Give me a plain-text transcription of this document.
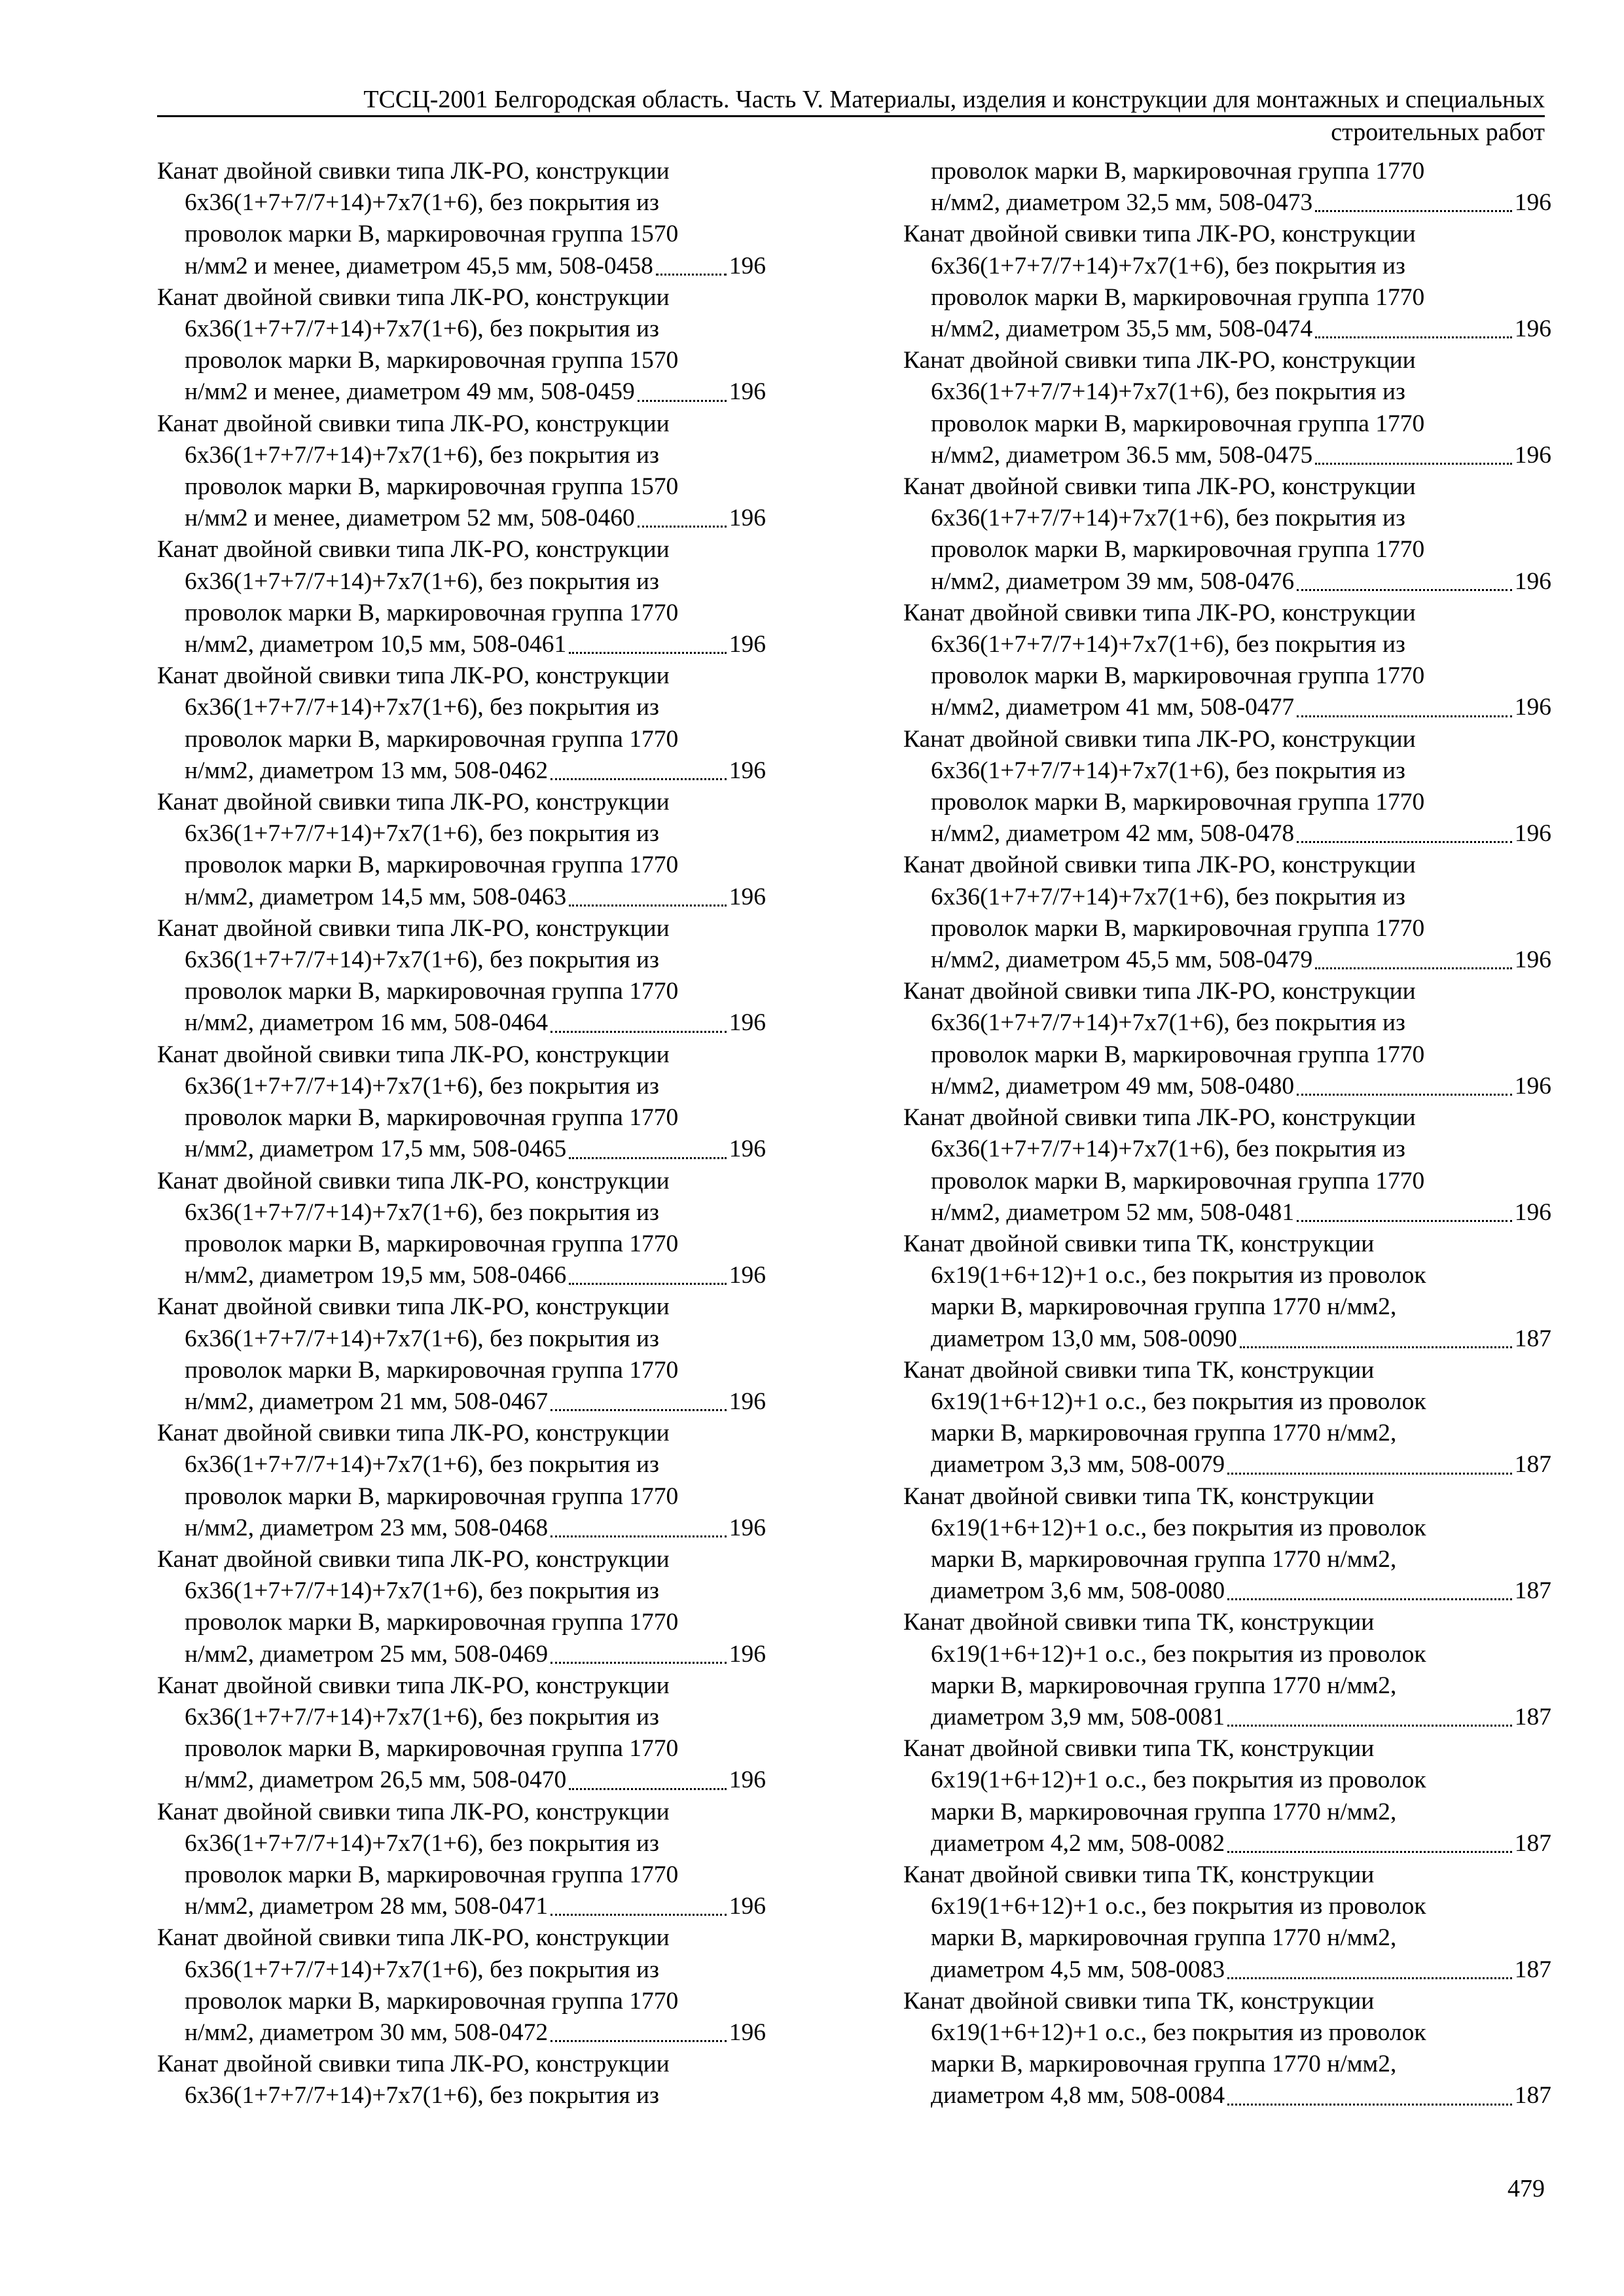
ТССЦ-2001 Белгородская область. Часть V. Материалы, изделия и конструкции для монтажных и специальных
строительных работ
Канат двойной свивки типа ЛК-РО, конструкции
6х36(1+7+7/7+14)+7х7(1+6), без покрытия из
проволок марки В, маркировочная группа 1570
н/мм2 и менее, диаметром 45,5 мм, 508-0458	196
Канат двойной свивки типа ЛК-РО, конструкции
6х36(1+7+7/7+14)+7х7(1+6), без покрытия из
проволок марки В, маркировочная группа 1570
н/мм2 и менее, диаметром 49 мм, 508-0459	196
Канат двойной свивки типа ЛК-РО, конструкции
6х36(1+7+7/7+14)+7х7(1+6), без покрытия из
проволок марки В, маркировочная группа 1570
н/мм2 и менее, диаметром 52 мм, 508-0460	196
Канат двойной свивки типа ЛК-РО, конструкции
6х36(1+7+7/7+14)+7х7(1+6), без покрытия из
проволок марки В, маркировочная группа 1770
н/мм2, диаметром 10,5 мм, 508-0461	196
Канат двойной свивки типа ЛК-РО, конструкции
6х36(1+7+7/7+14)+7х7(1+6), без покрытия из
проволок марки В, маркировочная группа 1770
н/мм2, диаметром 13 мм, 508-0462	196
Канат двойной свивки типа ЛК-РО, конструкции
6х36(1+7+7/7+14)+7х7(1+6), без покрытия из
проволок марки В, маркировочная группа 1770
н/мм2, диаметром 14,5 мм, 508-0463	196
Канат двойной свивки типа ЛК-РО, конструкции
6х36(1+7+7/7+14)+7х7(1+6), без покрытия из
проволок марки В, маркировочная группа 1770
н/мм2, диаметром 16 мм, 508-0464	196
Канат двойной свивки типа ЛК-РО, конструкции
6х36(1+7+7/7+14)+7х7(1+6), без покрытия из
проволок марки В, маркировочная группа 1770
н/мм2, диаметром 17,5 мм, 508-0465	196
Канат двойной свивки типа ЛК-РО, конструкции
6х36(1+7+7/7+14)+7х7(1+6), без покрытия из
проволок марки В, маркировочная группа 1770
н/мм2, диаметром 19,5 мм, 508-0466	196
Канат двойной свивки типа ЛК-РО, конструкции
6х36(1+7+7/7+14)+7х7(1+6), без покрытия из
проволок марки В, маркировочная группа 1770
н/мм2, диаметром 21 мм, 508-0467	196
Канат двойной свивки типа ЛК-РО, конструкции
6х36(1+7+7/7+14)+7х7(1+6), без покрытия из
проволок марки В, маркировочная группа 1770
н/мм2, диаметром 23 мм, 508-0468	196
Канат двойной свивки типа ЛК-РО, конструкции
6х36(1+7+7/7+14)+7х7(1+6), без покрытия из
проволок марки В, маркировочная группа 1770
н/мм2, диаметром 25 мм, 508-0469	196
Канат двойной свивки типа ЛК-РО, конструкции
6х36(1+7+7/7+14)+7х7(1+6), без покрытия из
проволок марки В, маркировочная группа 1770
н/мм2, диаметром 26,5 мм, 508-0470	196
Канат двойной свивки типа ЛК-РО, конструкции
6х36(1+7+7/7+14)+7х7(1+6), без покрытия из
проволок марки В, маркировочная группа 1770
н/мм2, диаметром 28 мм, 508-0471	196
Канат двойной свивки типа ЛК-РО, конструкции
6х36(1+7+7/7+14)+7х7(1+6), без покрытия из
проволок марки В, маркировочная группа 1770
н/мм2, диаметром 30 мм, 508-0472	196
Канат двойной свивки типа ЛК-РО, конструкции
6х36(1+7+7/7+14)+7х7(1+6), без покрытия из
проволок марки В, маркировочная группа 1770
н/мм2, диаметром 32,5 мм, 508-0473	196
Канат двойной свивки типа ЛК-РО, конструкции
6х36(1+7+7/7+14)+7х7(1+6), без покрытия из
проволок марки В, маркировочная группа 1770
н/мм2, диаметром 35,5 мм, 508-0474	196
Канат двойной свивки типа ЛК-РО, конструкции
6х36(1+7+7/7+14)+7х7(1+6), без покрытия из
проволок марки В, маркировочная группа 1770
н/мм2, диаметром 36.5 мм, 508-0475	196
Канат двойной свивки типа ЛК-РО, конструкции
6х36(1+7+7/7+14)+7х7(1+6), без покрытия из
проволок марки В, маркировочная группа 1770
н/мм2, диаметром 39 мм, 508-0476	196
Канат двойной свивки типа ЛК-РО, конструкции
6х36(1+7+7/7+14)+7х7(1+6), без покрытия из
проволок марки В, маркировочная группа 1770
н/мм2, диаметром 41 мм, 508-0477	196
Канат двойной свивки типа ЛК-РО, конструкции
6х36(1+7+7/7+14)+7х7(1+6), без покрытия из
проволок марки В, маркировочная группа 1770
н/мм2, диаметром 42 мм, 508-0478	196
Канат двойной свивки типа ЛК-РО, конструкции
6х36(1+7+7/7+14)+7х7(1+6), без покрытия из
проволок марки В, маркировочная группа 1770
н/мм2, диаметром 45,5 мм, 508-0479	196
Канат двойной свивки типа ЛК-РО, конструкции
6х36(1+7+7/7+14)+7х7(1+6), без покрытия из
проволок марки В, маркировочная группа 1770
н/мм2, диаметром 49 мм, 508-0480	196
Канат двойной свивки типа ЛК-РО, конструкции
6х36(1+7+7/7+14)+7х7(1+6), без покрытия из
проволок марки В, маркировочная группа 1770
н/мм2, диаметром 52 мм, 508-0481	196
Канат двойной свивки типа ТК, конструкции
6х19(1+6+12)+1 о.с., без покрытия из проволок
марки В, маркировочная группа 1770 н/мм2,
диаметром 13,0 мм, 508-0090	187
Канат двойной свивки типа ТК, конструкции
6х19(1+6+12)+1 о.с., без покрытия из проволок
марки В, маркировочная группа 1770 н/мм2,
диаметром 3,3 мм, 508-0079	187
Канат двойной свивки типа ТК, конструкции
6х19(1+6+12)+1 о.с., без покрытия из проволок
марки В, маркировочная группа 1770 н/мм2,
диаметром 3,6 мм, 508-0080	187
Канат двойной свивки типа ТК, конструкции
6х19(1+6+12)+1 о.с., без покрытия из проволок
марки В, маркировочная группа 1770 н/мм2,
диаметром 3,9 мм, 508-0081	187
Канат двойной свивки типа ТК, конструкции
6х19(1+6+12)+1 о.с., без покрытия из проволок
марки В, маркировочная группа 1770 н/мм2,
диаметром 4,2 мм, 508-0082	187
Канат двойной свивки типа ТК, конструкции
6х19(1+6+12)+1 о.с., без покрытия из проволок
марки В, маркировочная группа 1770 н/мм2,
диаметром 4,5 мм, 508-0083	187
Канат двойной свивки типа ТК, конструкции
6х19(1+6+12)+1 о.с., без покрытия из проволок
марки В, маркировочная группа 1770 н/мм2,
диаметром 4,8 мм, 508-0084	187
479
